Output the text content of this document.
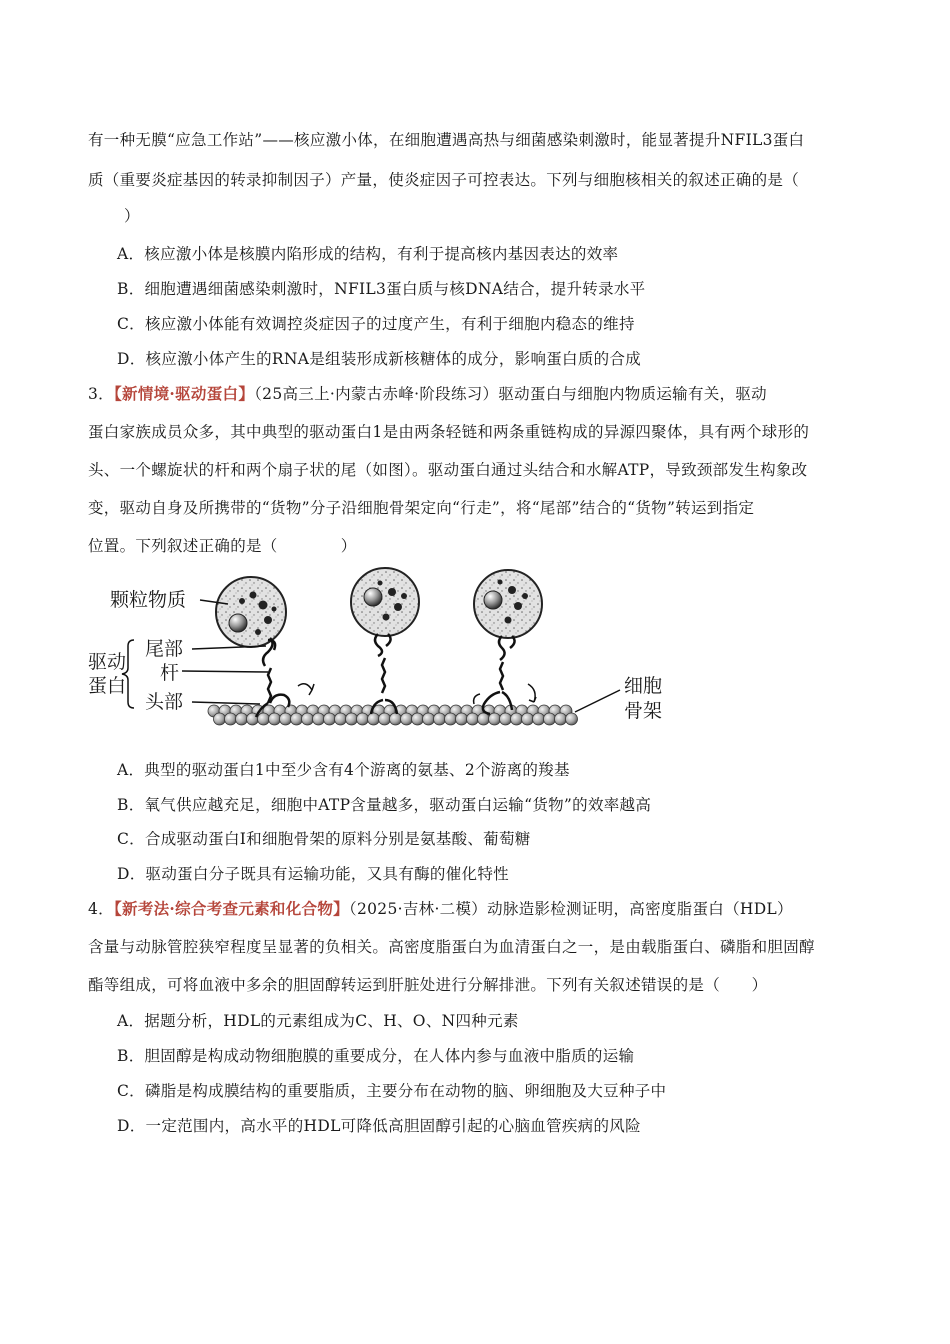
有一种无膜“应急工作站”——核应激小体，在细胞遭遇高热与细菌感染刺激时，能显著提升NFIL3蛋白
质（重要炎症基因的转录抑制因子）产量，使炎症因子可控表达。下列与细胞核相关的叙述正确的是（
）
A．核应激小体是核膜内陷形成的结构，有利于提高核内基因表达的效率
B．细胞遭遇细菌感染刺激时，NFIL3蛋白质与核DNA结合，提升转录水平
C．核应激小体能有效调控炎症因子的过度产生，有利于细胞内稳态的维持
D．核应激小体产生的RNA是组装形成新核糖体的成分，影响蛋白质的合成
3．【新情境·驱动蛋白】（25高三上·内蒙古赤峰·阶段练习）驱动蛋白与细胞内物质运输有关，驱动
蛋白家族成员众多，其中典型的驱动蛋白1是由两条轻链和两条重链构成的异源四聚体，具有两个球形的
头、一个螺旋状的杆和两个扇子状的尾（如图）。驱动蛋白通过头结合和水解ATP，导致颈部发生构象改
变，驱动自身及所携带的“货物”分子沿细胞骨架定向“行走”，将“尾部”结合的“货物”转运到指定
位置。下列叙述正确的是（　　　　）
颗粒物质
尾部
杆
头部
驱动
蛋白	细胞
骨架
A．典型的驱动蛋白1中至少含有4个游离的氨基、2个游离的羧基
B．氧气供应越充足，细胞中ATP含量越多，驱动蛋白运输“货物”的效率越高
C．合成驱动蛋白Ⅰ和细胞骨架的原料分别是氨基酸、葡萄糖
D．驱动蛋白分子既具有运输功能，又具有酶的催化特性
4．【新考法·综合考查元素和化合物】（2025·吉林·二模）动脉造影检测证明，高密度脂蛋白（HDL）
含量与动脉管腔狭窄程度呈显著的负相关。高密度脂蛋白为血清蛋白之一，是由载脂蛋白、磷脂和胆固醇
酯等组成，可将血液中多余的胆固醇转运到肝脏处进行分解排泄。下列有关叙述错误的是（　　）
A．据题分析，HDL的元素组成为C、H、O、N四种元素
B．胆固醇是构成动物细胞膜的重要成分，在人体内参与血液中脂质的运输
C．磷脂是构成膜结构的重要脂质，主要分布在动物的脑、卵细胞及大豆种子中
D．一定范围内，高水平的HDL可降低高胆固醇引起的心脑血管疾病的风险
